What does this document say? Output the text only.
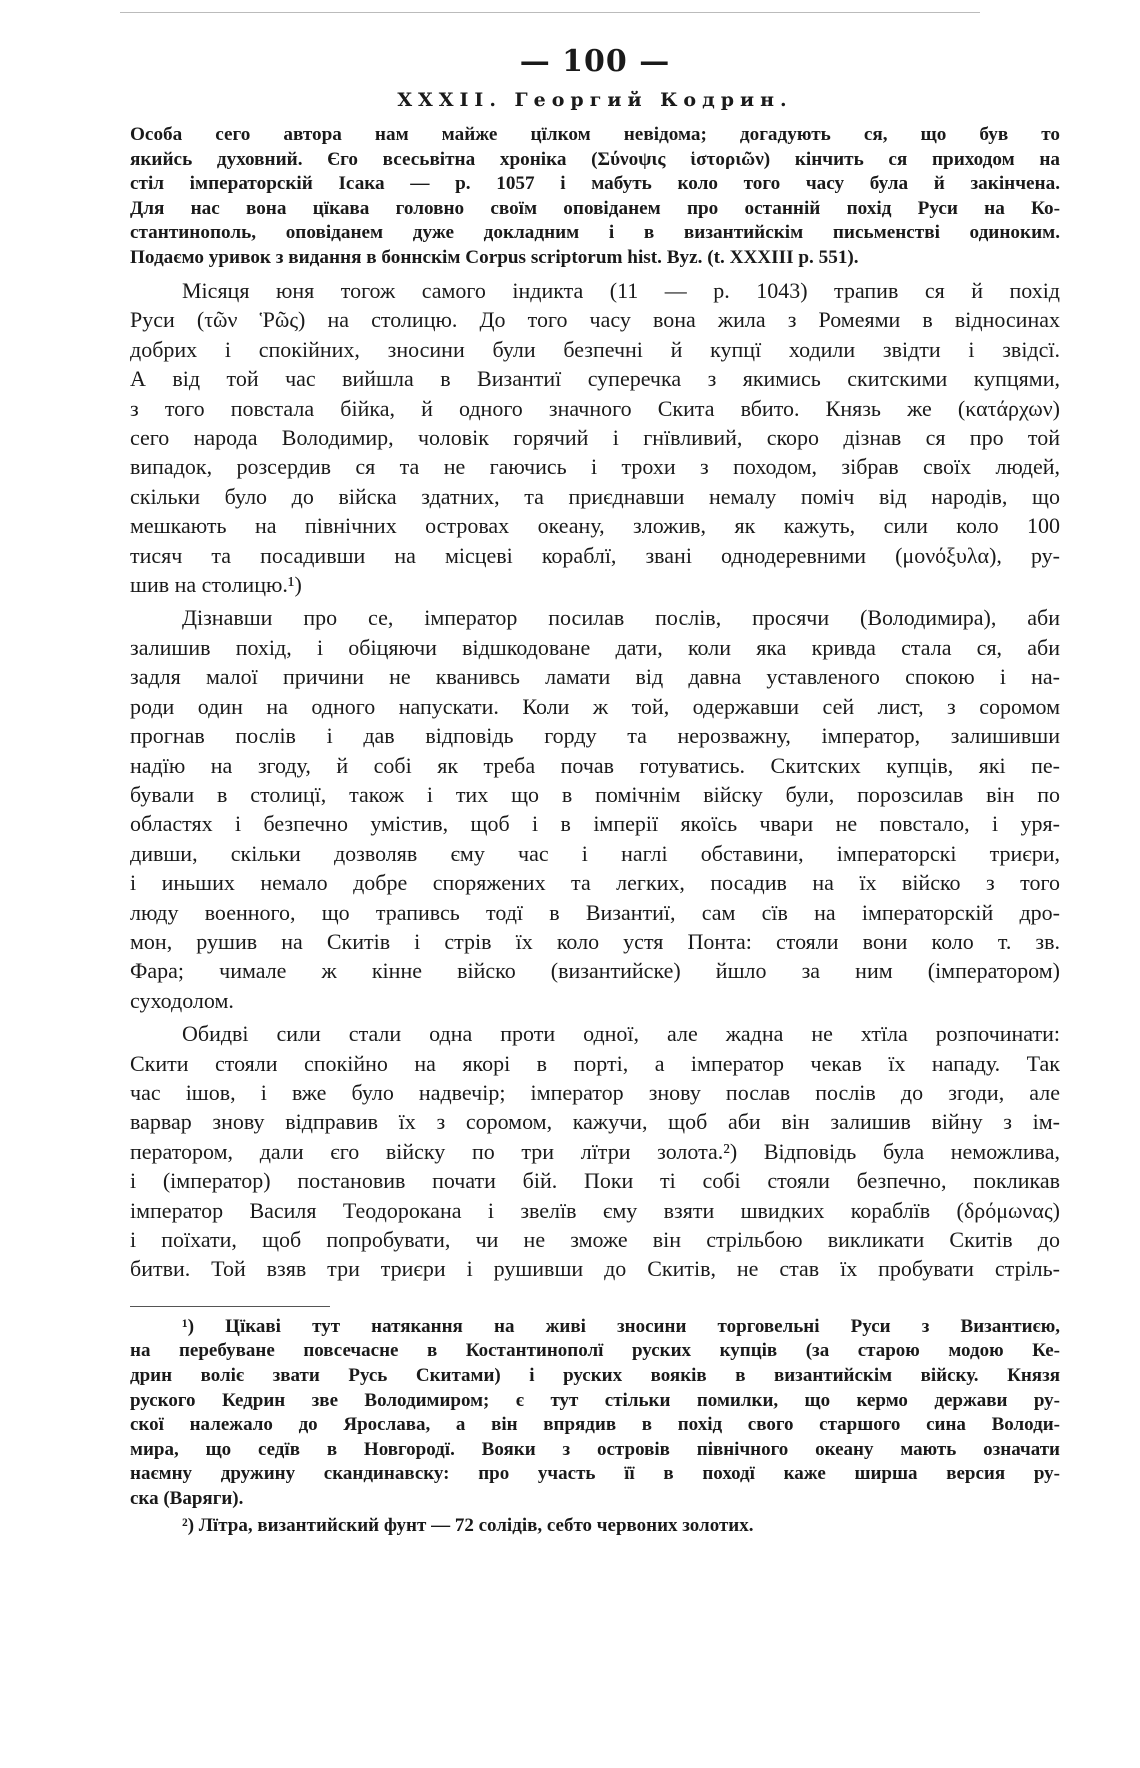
— 100 —
XXXII. Георгий Кодрин.
Особа сего автора нам майже цїлком невідома; догадують ся, що був то
якийсь духовний. Єго всесьвітна хроніка (Σύνοψις ἱστοριῶν) кінчить ся приходом на
стіл імператорскій Ісака — р. 1057 і мабуть коло того часу була й закінчена.
Для нас вона цїкава головно своїм оповіданем про останній похід Руси на Ко-
стантинополь, оповіданем дуже докладним і в византийскім письменстві одиноким.
Подаємо уривок з видання в боннскім Corpus scriptorum hist. Byz. (t. XXXIII p. 551).
Місяця юня тогож самого індикта (11 — р. 1043) трапив ся й похід
Руси (τῶν Ῥῶς) на столицю. До того часу вона жила з Ромеями в відносинах
добрих і спокійних, зносини були безпечні й купцї ходили звідти і звідсї.
А від той час вийшла в Византиї суперечка з якимись скитскими купцями,
з того повстала бійка, й одного значного Скита вбито. Князь же (κατάρχων)
сего народа Володимир, чоловік горячий і гнївливий, скоро дізнав ся про той
випадок, розсердив ся та не гаючись і трохи з походом, зібрав своїх людей,
скільки було до війска здатних, та приєднавши немалу поміч від народів, що
мешкають на північних островах океану, зложив, як кажуть, сили коло 100
тисяч та посадивши на місцеві кораблї, звані однодеревними (μονόξυλα), ру-
шив на столицю.¹)
Дізнавши про се, імператор посилав послів, просячи (Володимира), аби
залишив похід, і обіцяючи відшкодоване дати, коли яка кривда стала ся, аби
задля малої причини не кванивсь ламати від давна уставленого спокою і на-
роди один на одного напускати. Коли ж той, одержавши сей лист, з соромом
прогнав послів і дав відповідь горду та нерозважну, імператор, залишивши
надїю на згоду, й собі як треба почав готуватись. Скитских купців, які пе-
бували в столицї, також і тих що в помічнім війску були, порозсилав він по
областях і безпечно умістив, щоб і в імперії якоїсь чвари не повстало, і уря-
дивши, скільки дозволяв єму час і наглі обставини, імператорскі триєри,
і иньших немало добре споряжених та легких, посадив на їх війско з того
люду военного, що трапивсь тодї в Византиї, сам сїв на імператорскій дро-
мон, рушив на Скитів і стрів їх коло устя Понта: стояли вони коло т. зв.
Фара; чимале ж кінне війско (византийске) йшло за ним (імператором)
суходолом.
Обидві сили стали одна проти одної, але жадна не хтїла розпочинати:
Скити стояли спокійно на якорі в порті, а імператор чекав їх нападу. Так
час ішов, і вже було надвечір; імператор знову послав послів до згоди, але
варвар знову відправив їх з соромом, кажучи, щоб аби він залишив війну з ім-
ператором, дали єго війску по три лїтри золота.²) Відповідь була неможлива,
і (імператор) постановив почати бій. Поки ті собі стояли безпечно, покликав
імператор Василя Теодорокана і звелїв єму взяти швидких кораблїв (δρόμωνας)
і поїхати, щоб попробувати, чи не зможе він стрільбою викликати Скитів до
битви. Той взяв три триєри і рушивши до Скитів, не став їх пробувати стріль-
¹) Цїкаві тут натякання на живі зносини торговельні Руси з Византиєю,
на перебуване повсечасне в Костантинополї руских купців (за старою модою Ке-
дрин воліє звати Русь Скитами) і руских вояків в византийскім війску. Князя
руского Кедрин зве Володимиром; є тут стільки помилки, що кермо держави ру-
скої належало до Ярослава, а він впрядив в похід свого старшого сина Володи-
мира, що седїв в Новгородї. Вояки з островів північного океану мають означати
наємну дружину скандинавску: про участь її в походї каже ширша версия ру-
ска (Варяги).
²) Лїтра, византийский фунт — 72 солідів, себто червоних золотих.
